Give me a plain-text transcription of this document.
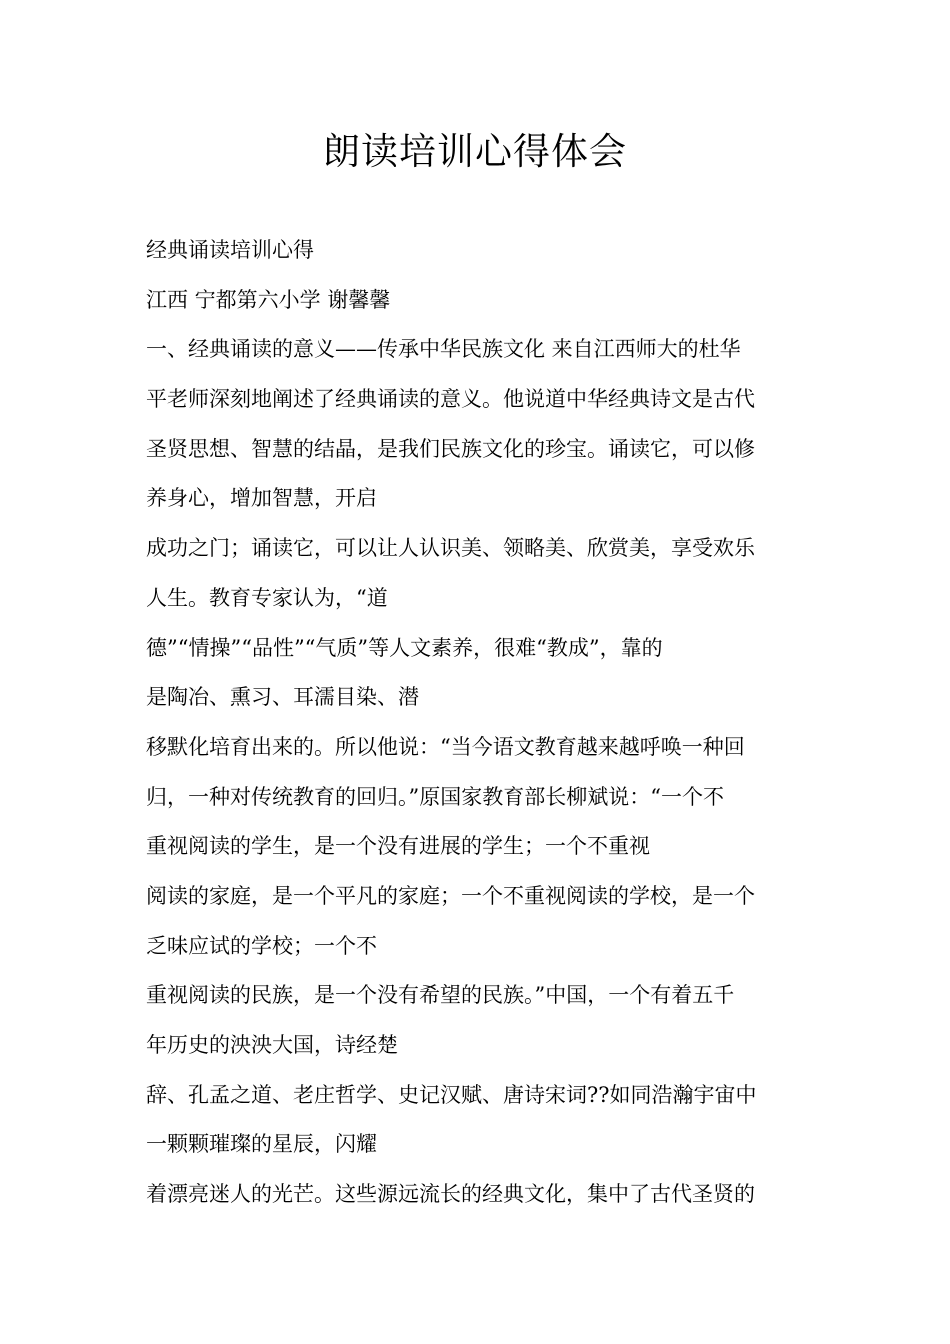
朗读培训心得体会
经典诵读培训心得
江西 宁都第六小学 谢馨馨
一、经典诵读的意义——传承中华民族文化 来自江西师大的杜华
平老师深刻地阐述了经典诵读的意义。他说道中华经典诗文是古代
圣贤思想、智慧的结晶，是我们民族文化的珍宝。诵读它，可以修
养身心，增加智慧，开启
成功之门；诵读它，可以让人认识美、领略美、欣赏美，享受欢乐
人生。教育专家认为，“道
德”“情操”“品性”“气质”等人文素养，很难“教成”，靠的
是陶冶、熏习、耳濡目染、潜
移默化培育出来的。所以他说：“当今语文教育越来越呼唤一种回
归，一种对传统教育的回归。”原国家教育部长柳斌说：“一个不
重视阅读的学生，是一个没有进展的学生；一个不重视
阅读的家庭，是一个平凡的家庭；一个不重视阅读的学校，是一个
乏味应试的学校；一个不
重视阅读的民族，是一个没有希望的民族。”中国，一个有着五千
年历史的泱泱大国，诗经楚
辞、孔孟之道、老庄哲学、史记汉赋、唐诗宋词??如同浩瀚宇宙中
一颗颗璀璨的星辰，闪耀
着漂亮迷人的光芒。这些源远流长的经典文化，集中了古代圣贤的
